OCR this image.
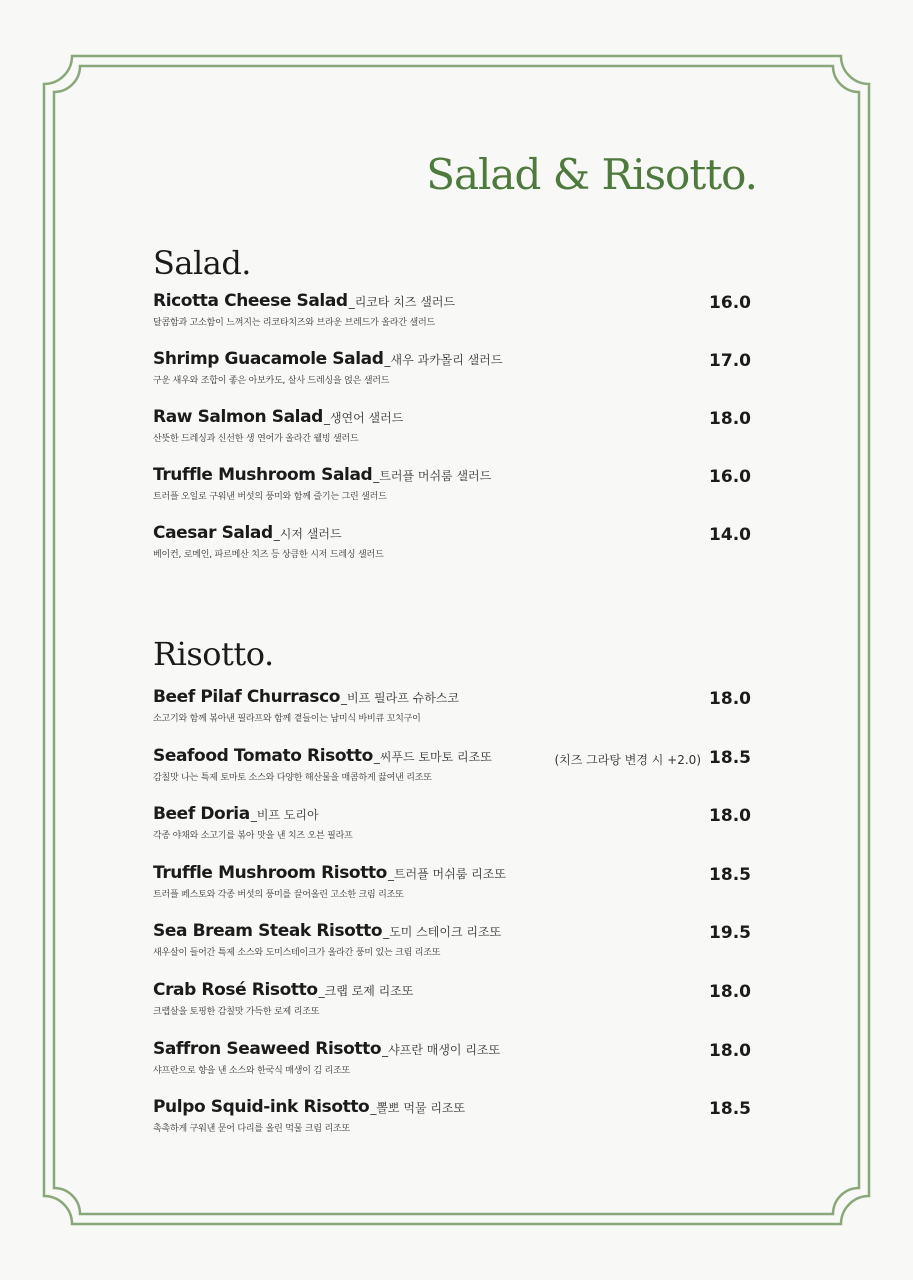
Salad & Risotto.
Salad.
Risotto.
Ricotta Cheese Salad_리코타 치즈 샐러드
달콤함과 고소함이 느껴지는 리코타치즈와 브라운 브레드가 올라간 샐러드
16.0
Shrimp Guacamole Salad_새우 과카몰리 샐러드
구운 새우와 조합이 좋은 아보카도, 살사 드레싱을 얹은 샐러드
17.0
Raw Salmon Salad_생연어 샐러드
산뜻한 드레싱과 신선한 생 연어가 올라간 웰빙 샐러드
18.0
Truffle Mushroom Salad_트러플 머쉬룸 샐러드
트러플 오일로 구워낸 버섯의 풍미와 함께 즐기는 그린 샐러드
16.0
Caesar Salad_시저 샐러드
베이컨, 로메인, 파르메산 치즈 등 상큼한 시저 드레싱 샐러드
14.0
Beef Pilaf Churrasco_비프 필라프 슈하스코
소고기와 함께 볶아낸 필라프와 함께 곁들이는 남미식 바비큐 꼬치구이
18.0
Seafood Tomato Risotto_씨푸드 토마토 리조또
감칠맛 나는 특제 토마토 소스와 다양한 해산물을 매콤하게 끓여낸 리조또
(치즈 그라탕 변경 시 +2.0) 18.5
Beef Doria_비프 도리아
각종 야채와 소고기를 볶아 맛을 낸 치즈 오븐 필라프
18.0
Truffle Mushroom Risotto_트러플 머쉬룸 리조또
트러플 페스토와 각종 버섯의 풍미를 끌어올린 고소한 크림 리조또
18.5
Sea Bream Steak Risotto_도미 스테이크 리조또
새우살이 들어간 특제 소스와 도미스테이크가 올라간 풍미 있는 크림 리조또
19.5
Crab Rosé Risotto_크랩 로제 리조또
크랩살을 토핑한 감칠맛 가득한 로제 리조또
18.0
Saffron Seaweed Risotto_샤프란 매생이 리조또
샤프란으로 향을 낸 소스와 한국식 매생이 김 리조또
18.0
Pulpo Squid-ink Risotto_뽈뽀 먹물 리조또
촉촉하게 구워낸 문어 다리를 올린 먹물 크림 리조또
18.5
